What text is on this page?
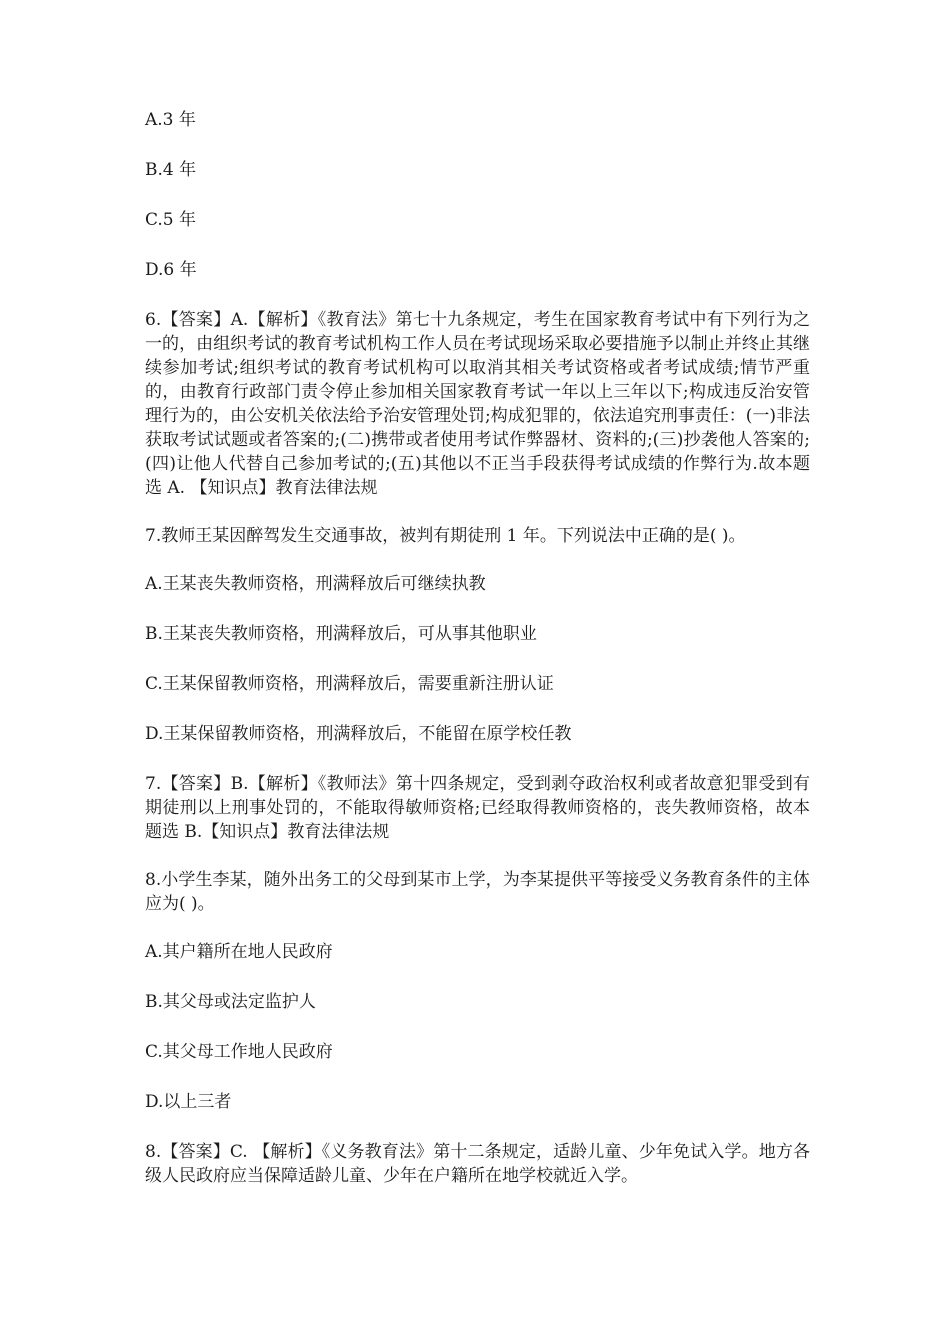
A.3 年
B.4 年
C.5 年
D.6 年
6.【答案】A.【解析】《教育法》第七十九条规定，考生在国家教育考试中有下列行为之一的，由组织考试的教育考试机构工作人员在考试现场采取必要措施予以制止并终止其继续参加考试;组织考试的教育考试机构可以取消其相关考试资格或者考试成绩;情节严重的，由教育行政部门责令停止参加相关国家教育考试一年以上三年以下;构成违反治安管理行为的，由公安机关依法给予治安管理处罚;构成犯罪的，依法追究刑事责任：(一)非法获取考试试题或者答案的;(二)携带或者使用考试作弊器材、资料的;(三)抄袭他人答案的;(四)让他人代替自己参加考试的;(五)其他以不正当手段获得考试成绩的作弊行为.故本题选 A. 【知识点】教育法律法规
7.教师王某因醉驾发生交通事故，被判有期徒刑 1 年。下列说法中正确的是( )。
A.王某丧失教师资格，刑满释放后可继续执教
B.王某丧失教师资格，刑满释放后，可从事其他职业
C.王某保留教师资格，刑满释放后，需要重新注册认证
D.王某保留教师资格，刑满释放后，不能留在原学校任教
7.【答案】B.【解析】《教师法》第十四条规定，受到剥夺政治权利或者故意犯罪受到有期徒刑以上刑事处罚的，不能取得敏师资格;已经取得教师资格的，丧失教师资格，故本题选 B.【知识点】教育法律法规
8.小学生李某，随外出务工的父母到某市上学，为李某提供平等接受义务教育条件的主体应为( )。
A.其户籍所在地人民政府
B.其父母或法定监护人
C.其父母工作地人民政府
D.以上三者
8.【答案】C. 【解析】《义务教育法》第十二条规定，适龄儿童、少年免试入学。地方各级人民政府应当保障适龄儿童、少年在户籍所在地学校就近入学。
